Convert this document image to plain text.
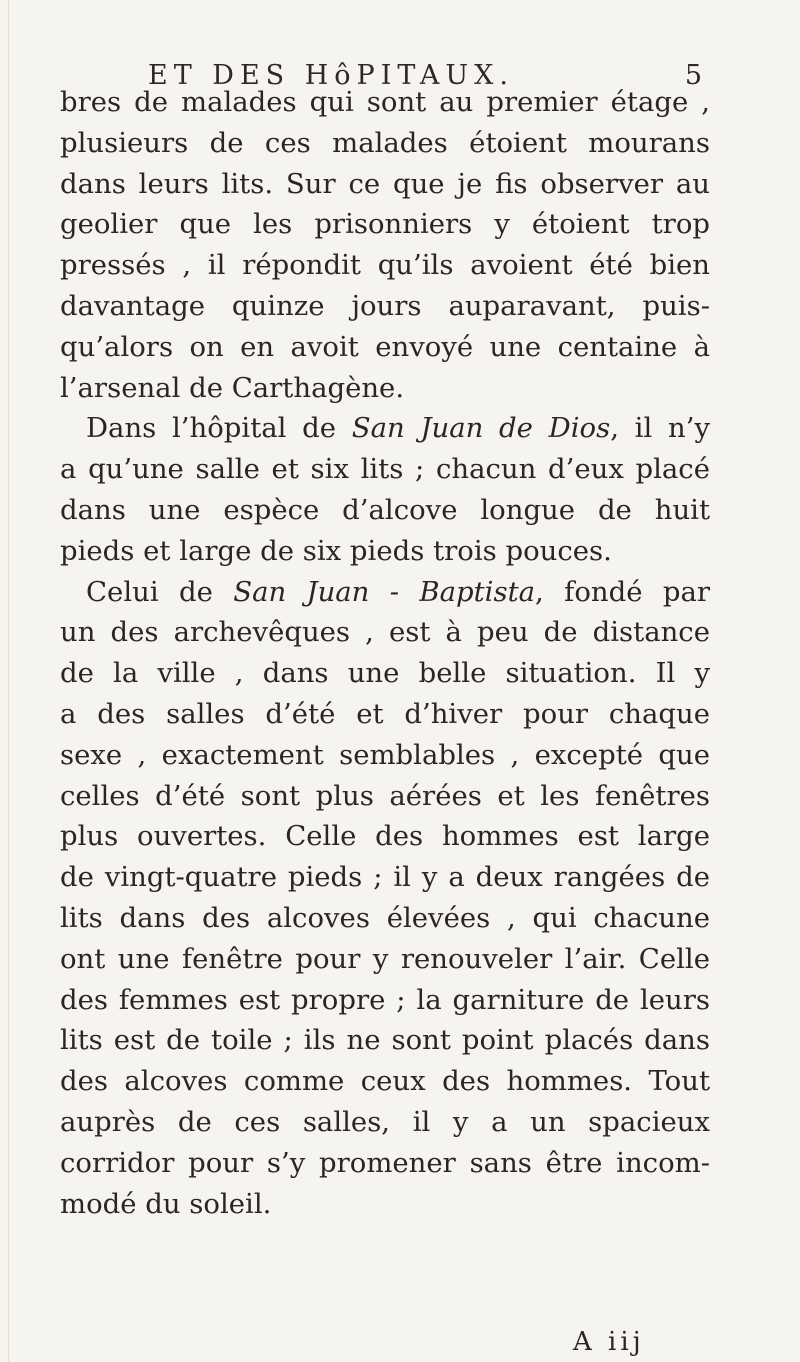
ET DES HôPITAUX.	5
bres de malades qui sont au premier étage ,
plusieurs de ces malades étoient mourans
dans leurs lits. Sur ce que je fis observer au
geolier que les prisonniers y étoient trop
pressés , il répondit qu’ils avoient été bien
davantage quinze jours auparavant, puis-
qu’alors on en avoit envoyé une centaine à
l’arsenal de Carthagène.
Dans l’hôpital de San Juan de Dios, il n’y
a qu’une salle et six lits ; chacun d’eux placé
dans une espèce d’alcove longue de huit
pieds et large de six pieds trois pouces.
Celui de San Juan - Baptista, fondé par
un des archevêques , est à peu de distance
de la ville , dans une belle situation. Il y
a des salles d’été et d’hiver pour chaque
sexe , exactement semblables , excepté que
celles d’été sont plus aérées et les fenêtres
plus ouvertes. Celle des hommes est large
de vingt-quatre pieds ; il y a deux rangées de
lits dans des alcoves élevées , qui chacune
ont une fenêtre pour y renouveler l’air. Celle
des femmes est propre ; la garniture de leurs
lits est de toile ; ils ne sont point placés dans
des alcoves comme ceux des hommes. Tout
auprès de ces salles, il y a un spacieux
corridor pour s’y promener sans être incom-
modé du soleil.
A iij
